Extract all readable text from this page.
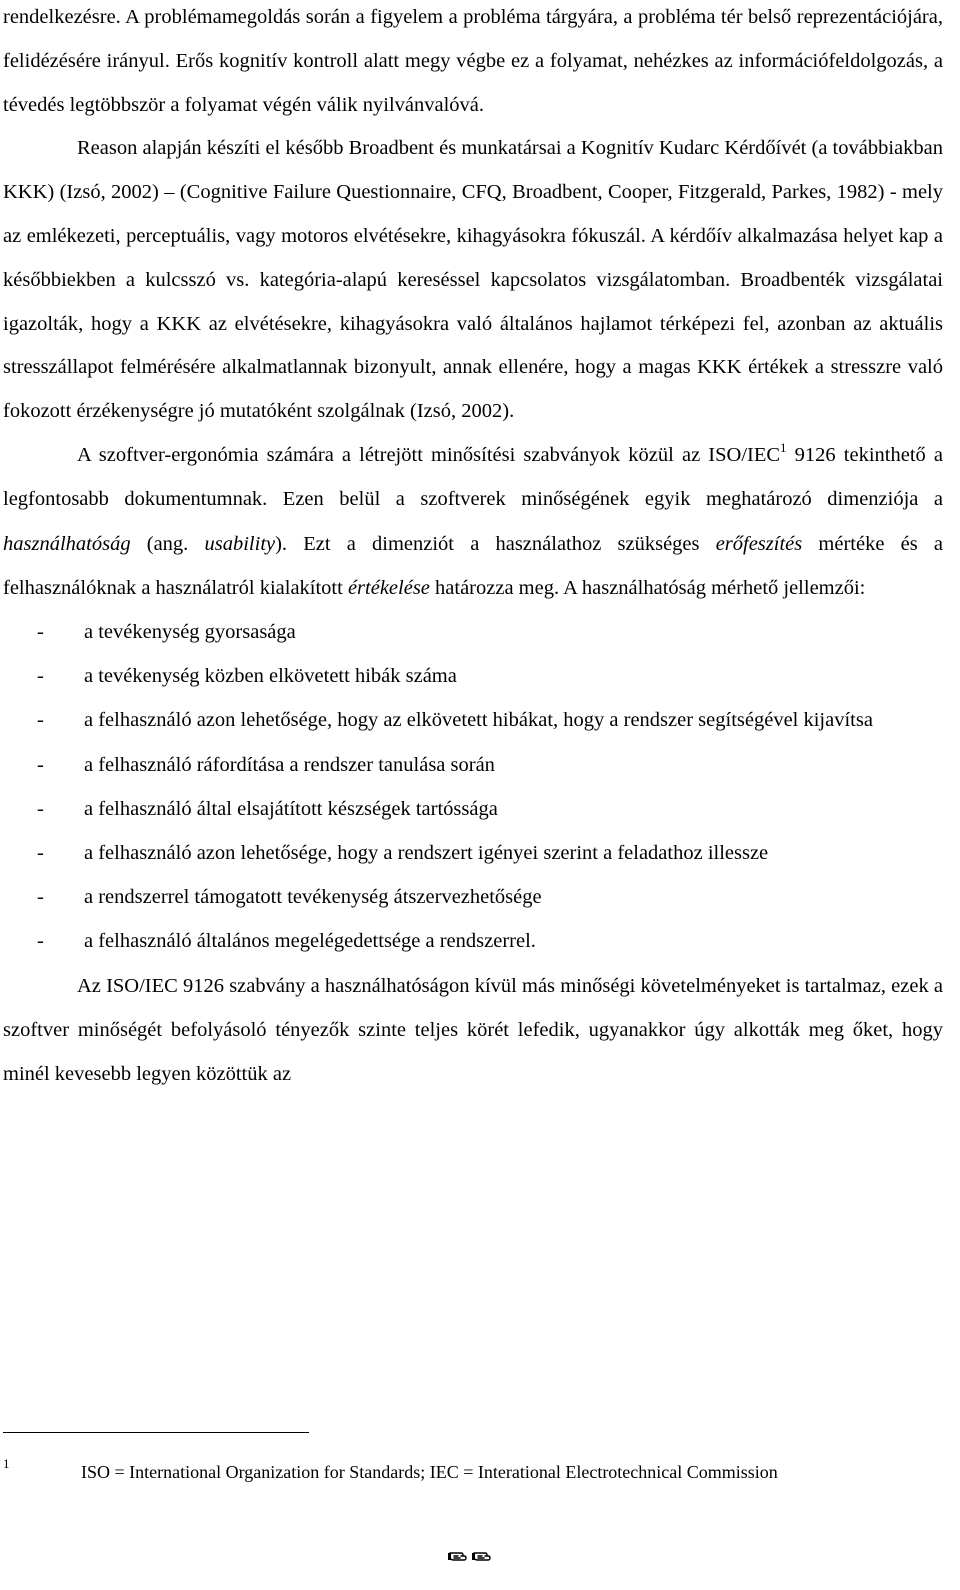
rendelkezésre. A problémamegoldás során a figyelem a probléma tárgyára, a probléma tér belső reprezentációjára, felidézésére irányul. Erős kognitív kontroll alatt megy végbe ez a folyamat, nehézkes az információfeldolgozás, a tévedés legtöbbször a folyamat végén válik nyilvánvalóvá.

Reason alapján készíti el később Broadbent és munkatársai a Kognitív Kudarc Kérdőívét (a továbbiakban KKK) (Izsó, 2002) – (Cognitive Failure Questionnaire, CFQ, Broadbent, Cooper, Fitzgerald, Parkes, 1982) - mely az emlékezeti, perceptuális, vagy motoros elvétésekre, kihagyásokra fókuszál. A kérdőív alkalmazása helyet kap a későbbiekben a kulcsszó vs. kategória-alapú kereséssel kapcsolatos vizsgálatomban. Broadbenték vizsgálatai igazolták, hogy a KKK az elvétésekre, kihagyásokra való általános hajlamot térképezi fel, azonban az aktuális stresszállapot felmérésére alkalmatlannak bizonyult, annak ellenére, hogy a magas KKK értékek a stresszre való fokozott érzékenységre jó mutatóként szolgálnak (Izsó, 2002).

A szoftver-ergonómia számára a létrejött minősítési szabványok közül az ISO/IEC$^1$ 9126 tekinthető a legfontosabb dokumentumnak. Ezen belül a szoftverek minőségének egyik meghatározó dimenziója a használhatóság (ang. usability). Ezt a dimenziót a használathoz szükséges erőfeszítés mértéke és a felhasználóknak a használatról kialakított értékelése határozza meg. A használhatóság mérhető jellemzői:

- a tevékenység gyorsasága
- a tevékenység közben elkövetett hibák száma
- a felhasználó azon lehetősége, hogy az elkövetett hibákat, hogy a rendszer segítségével kijavítsa
- a felhasználó ráfordítása a rendszer tanulása során
- a felhasználó által elsajátított készségek tartóssága
- a felhasználó azon lehetősége, hogy a rendszert igényei szerint a feladathoz illessze
- a rendszerrel támogatott tevékenység átszervezhetősége
- a felhasználó általános megelégedettsége a rendszerrel.

Az ISO/IEC 9126 szabvány a használhatóságon kívül más minőségi követelményeket is tartalmaz, ezek a szoftver minőségét befolyásoló tényezők szinte teljes körét lefedik, ugyanakkor úgy alkották meg őket, hogy minél kevesebb legyen közöttük az

1	ISO = International Organization for Standards; IEC = Interational Electrotechnical Commission
